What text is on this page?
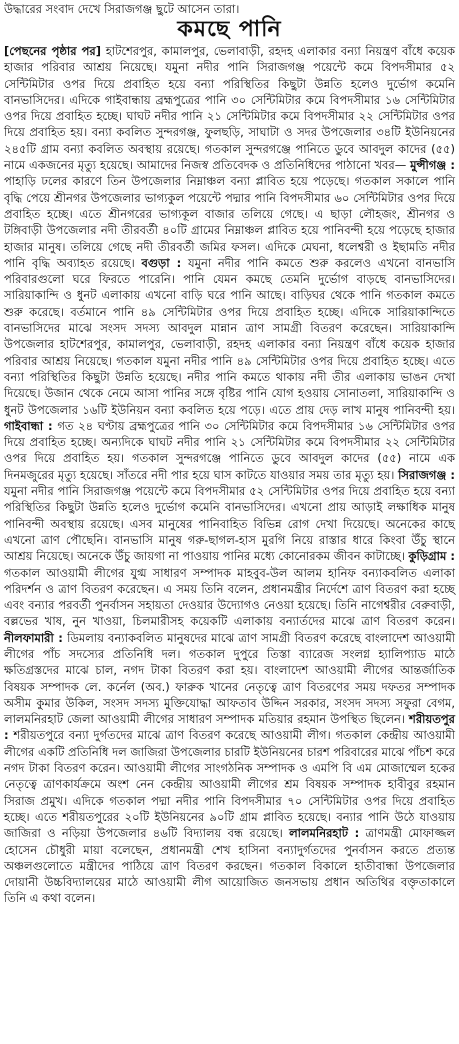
উদ্ধারের সংবাদ দেখে সিরাজগঞ্জ ছুটে আসেন তারা।
কমছে পানি
[পেছনের পৃষ্ঠার পর] হাটশেরপুর, কামালপুর, ভেলাবাড়ী, রহদহ এলাকার বন্যা নিয়ন্ত্রণ বাঁধে কয়েক হাজার পরিবার আশ্রয় নিয়েছে। যমুনা নদীর পানি সিরাজগঞ্জ পয়েন্টে কমে বিপদসীমার ৫২ সেন্টিমিটার ওপর দিয়ে প্রবাহিত হয়ে বন্যা পরিস্থিতির কিছুটা উন্নতি হলেও দুর্ভোগ কমেনি বানভাসিদের। এদিকে গাইবান্ধায় ব্রহ্মপুত্রের পানি ৩০ সেন্টিমিটার কমে বিপদসীমার ১৬ সেন্টিমিটার ওপর দিয়ে প্রবাহিত হচ্ছে। ঘাঘট নদীর পানি ২১ সেন্টিমিটার কমে বিপদসীমার ২২ সেন্টিমিটার ওপর দিয়ে প্রবাহিত হয়। বন্যা কবলিত সুন্দরগঞ্জ, ফুলছড়ি, সাঘাটা ও সদর উপজেলার ৩৪টি ইউনিয়নের ২৪৫টি গ্রাম বন্যা কবলিত অবস্থায় রয়েছে। গতকাল সুন্দরগঞ্জে পানিতে ডুবে আবদুল কাদের (৫৫) নামে একজনের মৃত্যু হয়েছে। আমাদের নিজস্ব প্রতিবেদক ও প্রতিনিধিদের পাঠানো খবর— মুন্সীগঞ্জ : পাহাড়ি ঢলের কারণে তিন উপজেলার নিম্নাঞ্চল বন্যা প্লাবিত হয়ে পড়েছে। গতকাল সকালে পানি বৃদ্ধি পেয়ে শ্রীনগর উপজেলার ভাগ্যকুল পয়েন্টে পদ্মার পানি বিপদসীমার ৬০ সেন্টিমিটার ওপর দিয়ে প্রবাহিত হচ্ছে। এতে শ্রীনগরের ভাগ্যকূল বাজার তলিয়ে গেছে। এ ছাড়া লৌহজং, শ্রীনগর ও টঙ্গিবাড়ী উপজেলার নদী তীরবর্তী ৪০টি গ্রামের নিম্নাঞ্চল প্লাবিত হয়ে পানিবন্দী হয়ে পড়েছে হাজার হাজার মানুষ। তলিয়ে গেছে নদী তীরবর্তী জমির ফসল। এদিকে মেঘনা, ধলেশ্বরী ও ইছামতি নদীর পানি বৃদ্ধি অব্যাহত রয়েছে। বগুড়া : যমুনা নদীর পানি কমতে শুরু করলেও এখনো বানভাসি পরিবারগুলো ঘরে ফিরতে পারেনি। পানি যেমন কমছে তেমনি দুর্ভোগ বাড়ছে বানভাসিদের। সারিয়াকান্দি ও ধুনট এলাকায় এখনো বাড়ি ঘরে পানি আছে। বাড়িঘর থেকে পানি গতকাল কমতে শুরু করেছে। বর্তমানে পানি ৪৯ সেন্টিমিটার ওপর দিয়ে প্রবাহিত হচ্ছে। এদিকে সারিয়াকান্দিতে বানভাসিদের মাঝে সংসদ সদস্য আবদুল মান্নান ত্রাণ সামগ্রী বিতরণ করেছেন। সারিয়াকান্দি উপজেলার হাটশেরপুর, কামালপুর, ভেলাবাড়ী, রহদহ এলাকার বন্যা নিয়ন্ত্রণ বাঁধে কয়েক হাজার পরিবার আশ্রয় নিয়েছে। গতকাল যমুনা নদীর পানি ৪৯ সেন্টিমিটার ওপর দিয়ে প্রবাহিত হচ্ছে। এতে বন্যা পরিস্থিতির কিছুটা উন্নতি হয়েছে। নদীর পানি কমতে থাকায় নদী তীর এলাকায় ভাঙন দেখা দিয়েছে। উজান থেকে নেমে আসা পানির সঙ্গে বৃষ্টির পানি যোগ হওয়ায় সোনাতলা, সারিয়াকান্দি ও ধুনট উপজেলার ১৬টি ইউনিয়ন বন্যা কবলিত হয়ে পড়ে। এতে প্রায় দেড় লাখ মানুষ পানিবন্দী হয়। গাইবান্ধা : গত ২৪ ঘণ্টায় ব্রহ্মপুত্রের পানি ৩০ সেন্টিমিটার কমে বিপদসীমার ১৬ সেন্টিমিটার ওপর দিয়ে প্রবাহিত হচ্ছে। অন্যদিকে ঘাঘট নদীর পানি ২১ সেন্টিমিটার কমে বিপদসীমার ২২ সেন্টিমিটার ওপর দিয়ে প্রবাহিত হয়। গতকাল সুন্দরগঞ্জে পানিতে ডুবে আবদুল কাদের (৫৫) নামে এক দিনমজুরের মৃত্যু হয়েছে। সাঁতরে নদী পার হয়ে ঘাস কাটতে যাওয়ার সময় তার মৃত্যু হয়। সিরাজগঞ্জ : যমুনা নদীর পানি সিরাজগঞ্জ পয়েন্টে কমে বিপদসীমার ৫২ সেন্টিমিটার ওপর দিয়ে প্রবাহিত হয়ে বন্যা পরিস্থিতির কিছুটা উন্নতি হলেও দুর্ভোগ কমেনি বানভাসিদের। এখনো প্রায় আড়াই লক্ষাধিক মানুষ পানিবন্দী অবস্থায় রয়েছে। এসব মানুষের পানিবাহিত বিভিন্ন রোগ দেখা দিয়েছে। অনেকের কাছে এখনো ত্রাণ পৌছেনি। বানভাসি মানুষ গরু-ছাগল-হাস মুরগি নিয়ে রাস্তার ধারে কিংবা উঁচু স্থানে আশ্রয় নিয়েছে। অনেকে উঁচু জায়গা না পাওয়ায় পানির মধ্যে কোনোরকম জীবন কাটাচ্ছে। কুড়িগ্রাম : গতকাল আওয়ামী লীগের যুগ্ম সাধারণ সম্পাদক মাহবুব-উল আলম হানিফ বন্যাকবলিত এলাকা পরিদর্শন ও ত্রাণ বিতরণ করেছেন। এ সময় তিনি বলেন, প্রধানমন্ত্রীর নির্দেশে ত্রাণ বিতরণ করা হচ্ছে এবং বন্যার পরবর্তী পুনর্বাসন সহায়তা দেওয়ার উদ্যোগও নেওয়া হয়েছে। তিনি নাগেশ্বরীর বেরুবাড়ী, বল্লভের খাষ, নুন খাওয়া, চিলমারীসহ কয়েকটি এলাকায় বন্যার্তদের মাঝে ত্রাণ বিতরণ করেন। নীলফামারী : ডিমলায় বন্যাকবলিত মানুষদের মাঝে ত্রাণ সামগ্রী বিতরণ করেছে বাংলাদেশ আওয়ামী লীগের পাঁচ সদস্যের প্রতিনিধি দল। গতকাল দুপুরে তিস্তা ব্যারেজ সংলগ্ন হ্যালিপ্যাড মাঠে ক্ষতিগ্রস্তদের মাঝে চাল, নগদ টাকা বিতরণ করা হয়। বাংলাদেশ আওয়ামী লীগের আন্তর্জাতিক বিষয়ক সম্পাদক লে. কর্নেল (অব.) ফারুক খানের নেতৃত্বে ত্রাণ বিতরণের সময় দফতর সম্পাদক অসীম কুমার উকিল, সংসদ সদস্য মুক্তিযোদ্ধা আফতাব উদ্দিন সরকার, সংসদ সদস্য সফুরা বেগম, লালমনিরহাট জেলা আওয়ামী লীগের সাধারণ সম্পাদক মতিয়ার রহমান উপস্থিত ছিলেন। শরীয়তপুর : শরীয়তপুরে বন্যা দুর্গতদের মাঝে ত্রাণ বিতরণ করেছে আওয়ামী লীগ। গতকাল কেন্দ্রীয় আওয়ামী লীগের একটি প্রতিনিধি দল জাজিরা উপজেলার চারটি ইউনিয়নের চারশ পরিবারের মাঝে পাঁচশ করে নগদ টাকা বিতরণ করেন। আওয়ামী লীগের সাংগঠনিক সম্পাদক ও এমপি বি এম মোজাম্মেল হকের নেতৃত্বে ত্রাণকার্যক্রমে অংশ নেন কেন্দ্রীয় আওয়ামী লীগের শ্রম বিষয়ক সম্পাদক হাবীবুর রহমান সিরাজ প্রমুখ। এদিকে গতকাল পদ্মা নদীর পানি বিপদসীমার ৭০ সেন্টিমিটার ওপর দিয়ে প্রবাহিত হচ্ছে। এতে শরীয়তপুরের ২০টি ইউনিয়নের ৯০টি গ্রাম প্লাবিত হয়েছে। বন্যার পানি উঠে যাওয়ায় জাজিরা ও নড়িয়া উপজেলার ৪৬টি বিদ্যালয় বন্ধ রয়েছে। লালমনিরহাট : ত্রাণমন্ত্রী মোফাজ্জল হোসেন চৌধুরী মায়া বলেছেন, প্রধানমন্ত্রী শেখ হাসিনা বন্যাদুর্গতদের পুনর্বাসন করতে প্রত্যন্ত অঞ্চলগুলোতে মন্ত্রীদের পাঠিয়ে ত্রাণ বিতরণ করছেন। গতকাল বিকালে হাতীবান্ধা উপজেলার দোয়ানী উচ্চবিদ্যালয়ের মাঠে আওয়ামী লীগ আয়োজিত জনসভায় প্রধান অতিথির বক্তৃতাকালে তিনি এ কথা বলেন।
